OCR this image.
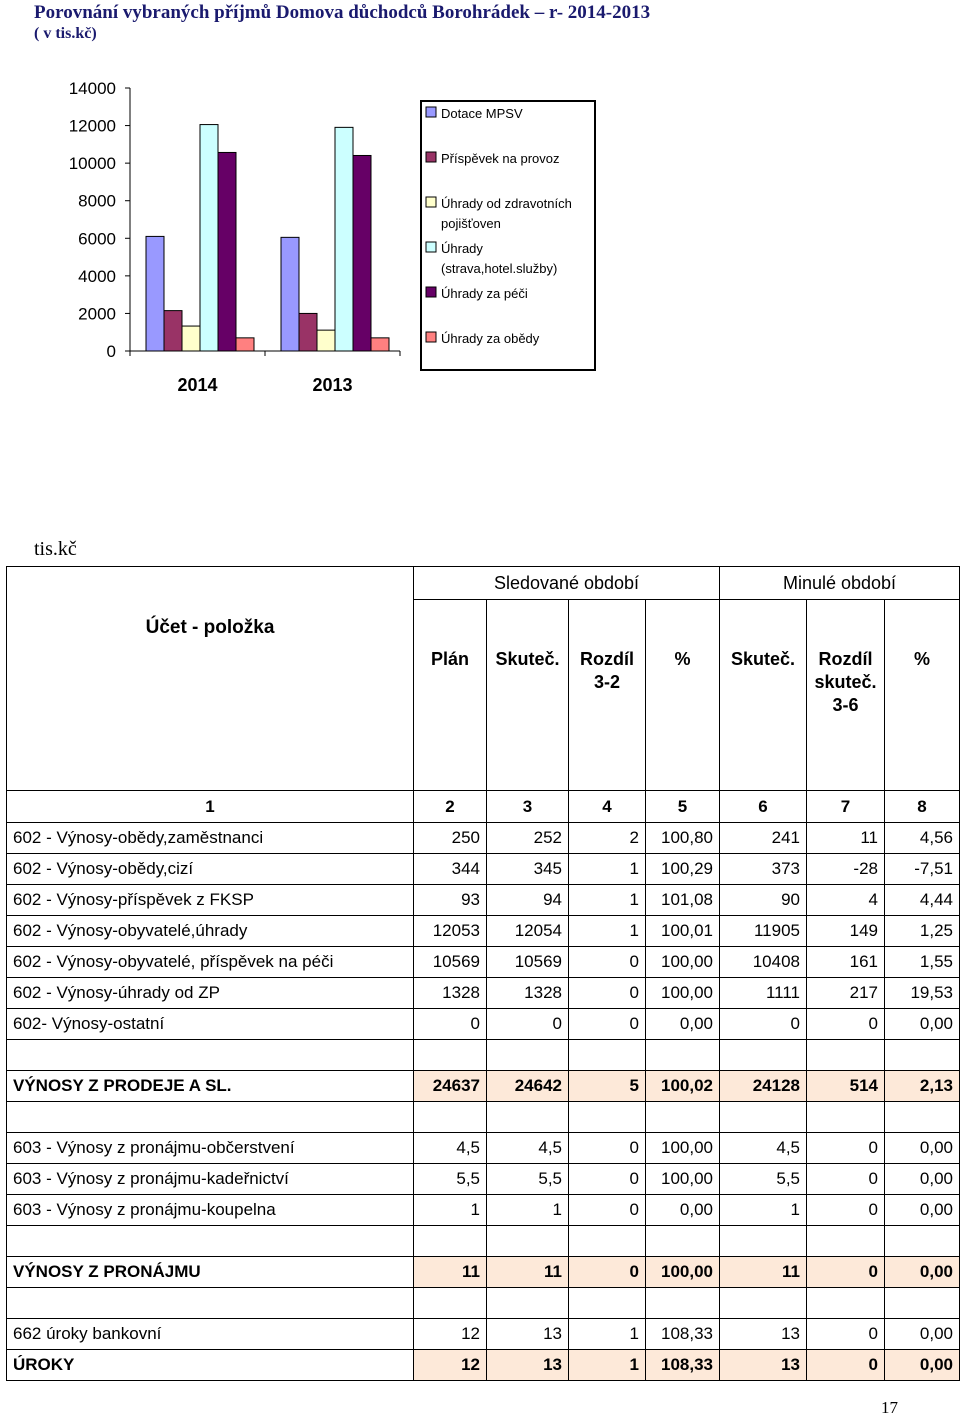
Porovnání vybraných příjmů Domova důchodců Borohrádek – r- 2014-2013
( v tis.kč)
0
2000
4000
6000
8000
10000
12000
14000
2014	2013
Dotace MPSV
Příspěvek na provoz
Úhrady od zdravotních
pojišťoven
Úhrady
(strava,hotel.služby)
Úhrady za péči
Úhrady za obědy
tis.kč
Účet - položka	Sledované období				Minulé období		
	Plán	Skuteč.	Rozdíl 3-2	%	Skuteč.	Rozdíl skuteč. 3-6	%
1	2	3	4	5	6	7	8
602 - Výnosy-obědy,zaměstnanci	250	252	2	100,80	241	11	4,56
602 - Výnosy-obědy,cizí	344	345	1	100,29	373	-28	-7,51
602 - Výnosy-příspěvek z FKSP	93	94	1	101,08	90	4	4,44
602 - Výnosy-obyvatelé,úhrady	12053	12054	1	100,01	11905	149	1,25
602 - Výnosy-obyvatelé, příspěvek na péči	10569	10569	0	100,00	10408	161	1,55
602 - Výnosy-úhrady od ZP	1328	1328	0	100,00	1111	217	19,53
602- Výnosy-ostatní	0	0	0	0,00	0	0	0,00

VÝNOSY Z PRODEJE A SL.	24637	24642	5	100,02	24128	514	2,13

603 - Výnosy z pronájmu-občerstvení	4,5	4,5	0	100,00	4,5	0	0,00
603 - Výnosy z pronájmu-kadeřnictví	5,5	5,5	0	100,00	5,5	0	0,00
603 - Výnosy z pronájmu-koupelna	1	1	0	0,00	1	0	0,00

VÝNOSY Z PRONÁJMU	11	11	0	100,00	11	0	0,00

662 úroky bankovní	12	13	1	108,33	13	0	0,00
ÚROKY	12	13	1	108,33	13	0	0,00
17
